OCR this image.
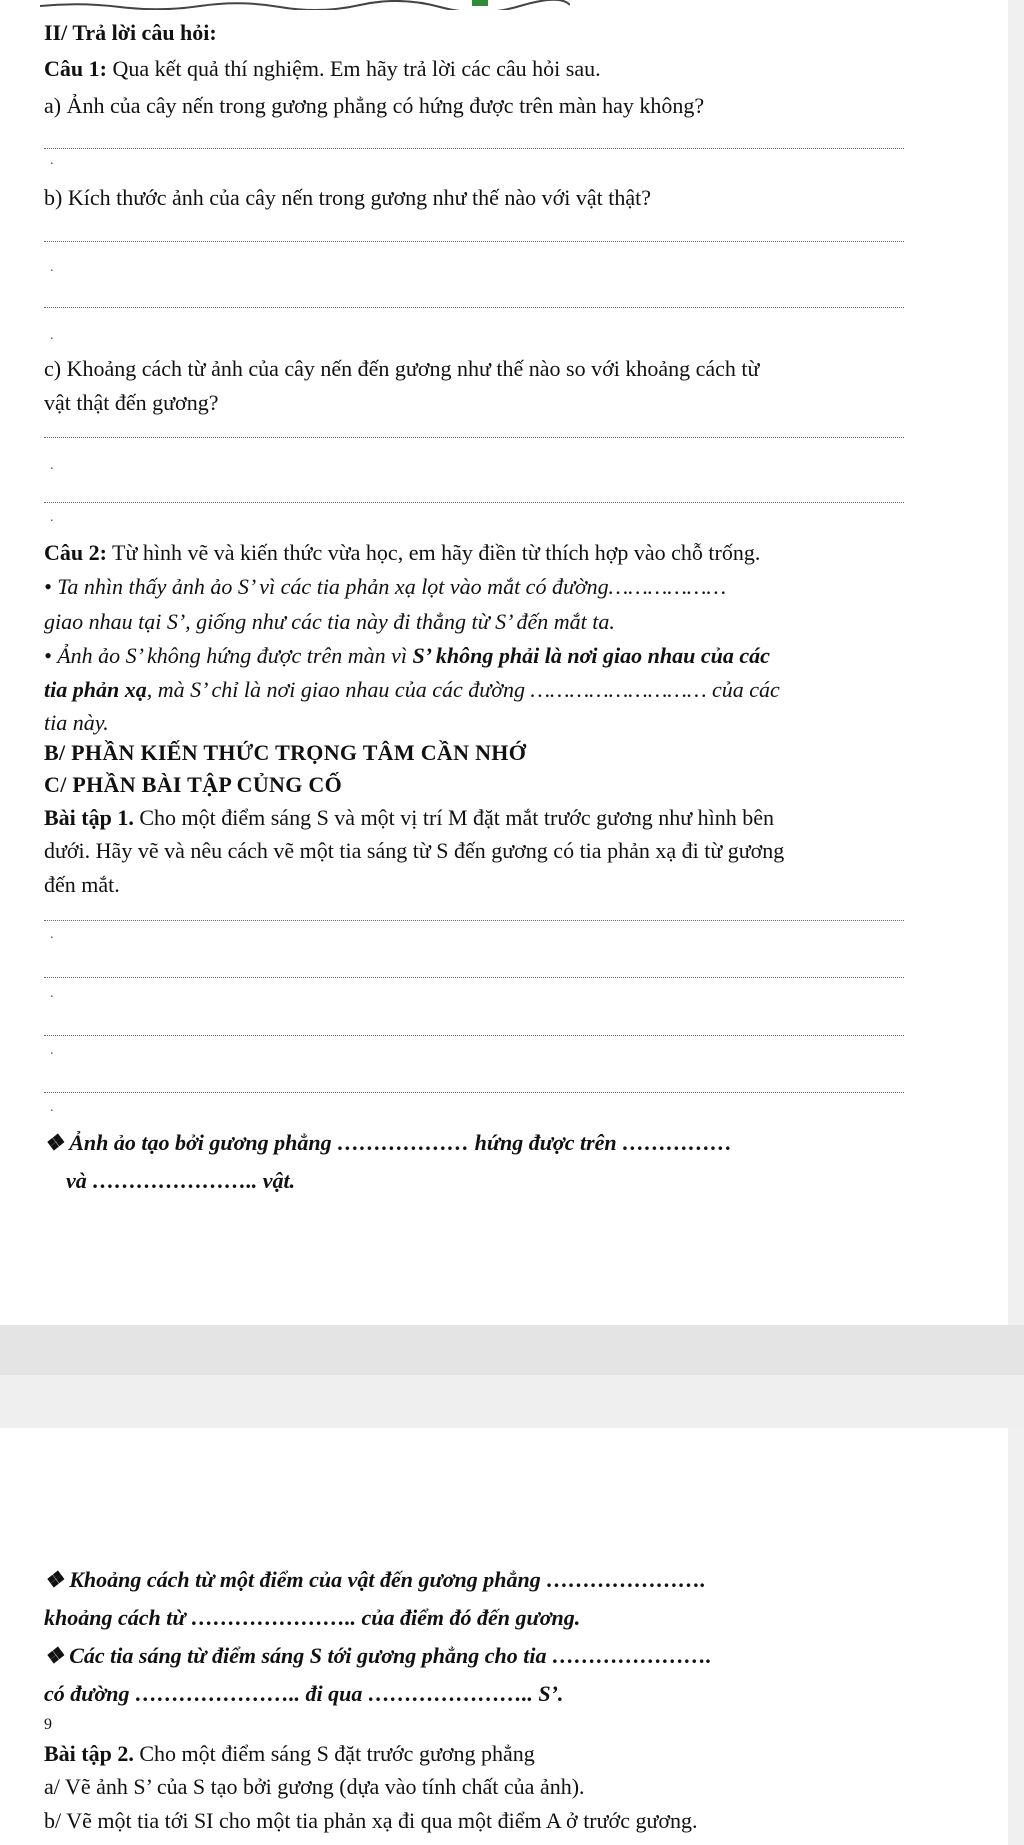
II/ Trả lời câu hỏi:
Câu 1: Qua kết quả thí nghiệm. Em hãy trả lời các câu hỏi sau.
a) Ảnh của cây nến trong gương phẳng có hứng được trên màn hay không?
.
b) Kích thước ảnh của cây nến trong gương như thế nào với vật thật?
.
.
c) Khoảng cách từ ảnh của cây nến đến gương như thế nào so với khoảng cách từ
vật thật đến gương?
.
.
Câu 2: Từ hình vẽ và kiến thức vừa học, em hãy điền từ thích hợp vào chỗ trống.
• Ta nhìn thấy ảnh ảo S’ vì các tia phản xạ lọt vào mắt có đường………………
giao nhau tại S’, giống như các tia này đi thẳng từ S’ đến mắt ta.
• Ảnh ảo S’ không hứng được trên màn vì S’ không phải là nơi giao nhau của các
tia phản xạ, mà S’ chỉ là nơi giao nhau của các đường ……………………… của các
tia này.
B/ PHẦN KIẾN THỨC TRỌNG TÂM CẦN NHỚ
C/ PHẦN BÀI TẬP CỦNG CỐ
Bài tập 1. Cho một điểm sáng S và một vị trí M đặt mắt trước gương như hình bên
dưới. Hãy vẽ và nêu cách vẽ một tia sáng từ S đến gương có tia phản xạ đi từ gương
đến mắt.
.
.
.
.
❖ Ảnh ảo tạo bởi gương phẳng ……………… hứng được trên ……………
và ………………….. vật.
❖ Khoảng cách từ một điểm của vật đến gương phẳng ………………….
khoảng cách từ ………………….. của điểm đó đến gương.
❖ Các tia sáng từ điểm sáng S tới gương phẳng cho tia ………………….
có đường ………………….. đi qua ………………….. S’.
9
Bài tập 2. Cho một điểm sáng S đặt trước gương phẳng
a/ Vẽ ảnh S’ của S tạo bởi gương (dựa vào tính chất của ảnh).
b/ Vẽ một tia tới SI cho một tia phản xạ đi qua một điểm A ở trước gương.
